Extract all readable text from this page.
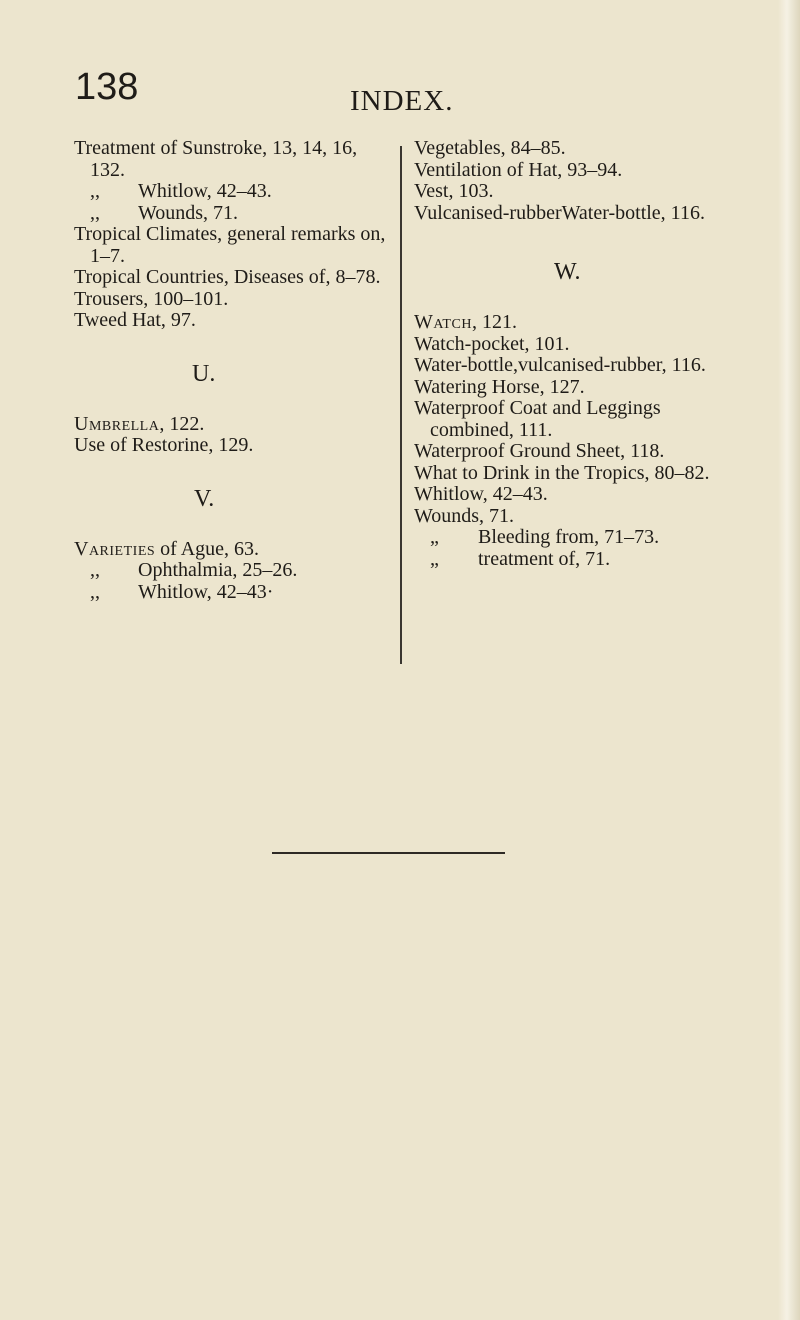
138	INDEX.
Treatment of Sunstroke, 13, 14, 16, 132.
,, Whitlow, 42–43.
,, Wounds, 71.
Tropical Climates, general remarks on, 1–7.
Tropical Countries, Diseases of, 8–78.
Trousers, 100–101.
Tweed Hat, 97.
U.
Umbrella, 122.
Use of Restorine, 129.
V.
Varieties of Ague, 63.
,, Ophthalmia, 25–26.
,, Whitlow, 42–43·
Vegetables, 84–85.
Ventilation of Hat, 93–94.
Vest, 103.
Vulcanised-rubberWater-bottle, 116.
W.
Watch, 121.
Watch-pocket, 101.
Water-bottle,vulcanised-rubber, 116.
Watering Horse, 127.
Waterproof Coat and Leggings combined, 111.
Waterproof Ground Sheet, 118.
What to Drink in the Tropics, 80–82.
Whitlow, 42–43.
Wounds, 71.
„ Bleeding from, 71–73.
„ treatment of, 71.
